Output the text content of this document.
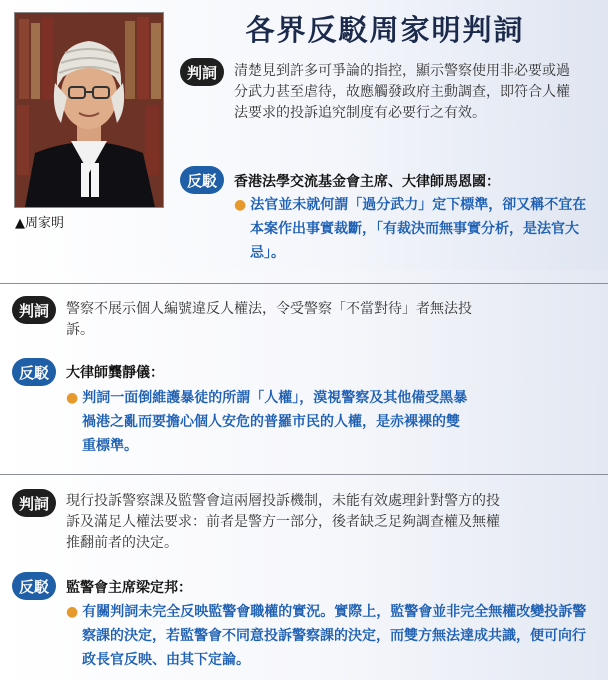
▲周家明
各界反駁周家明判詞
判詞	清楚見到許多可爭論的指控，顯示警察使用非必要或過分武力甚至虐待，故應觸發政府主動調查，即符合人權法要求的投訴追究制度有必要行之有效。
反駁	香港法學交流基金會主席、大律師馬恩國：
● 法官並未就何謂「過分武力」定下標準，卻又稱不宜在本案作出事實裁斷，「有裁決而無事實分析，是法官大忌」。
判詞	警察不展示個人編號違反人權法，令受警察「不當對待」者無法投訴。
反駁	大律師龔靜儀：
● 判詞一面倒維護暴徒的所謂「人權」，漠視警察及其他備受黑暴禍港之亂而要擔心個人安危的普羅市民的人權，是赤裸裸的雙重標準。
判詞	現行投訴警察課及監警會這兩層投訴機制，未能有效處理針對警方的投訴及滿足人權法要求：前者是警方一部分，後者缺乏足夠調查權及無權推翻前者的決定。
反駁	監警會主席梁定邦：
● 有關判詞未完全反映監警會職權的實況。實際上，監警會並非完全無權改變投訴警察課的決定，若監警會不同意投訴警察課的決定，而雙方無法達成共識，便可向行政長官反映、由其下定論。
